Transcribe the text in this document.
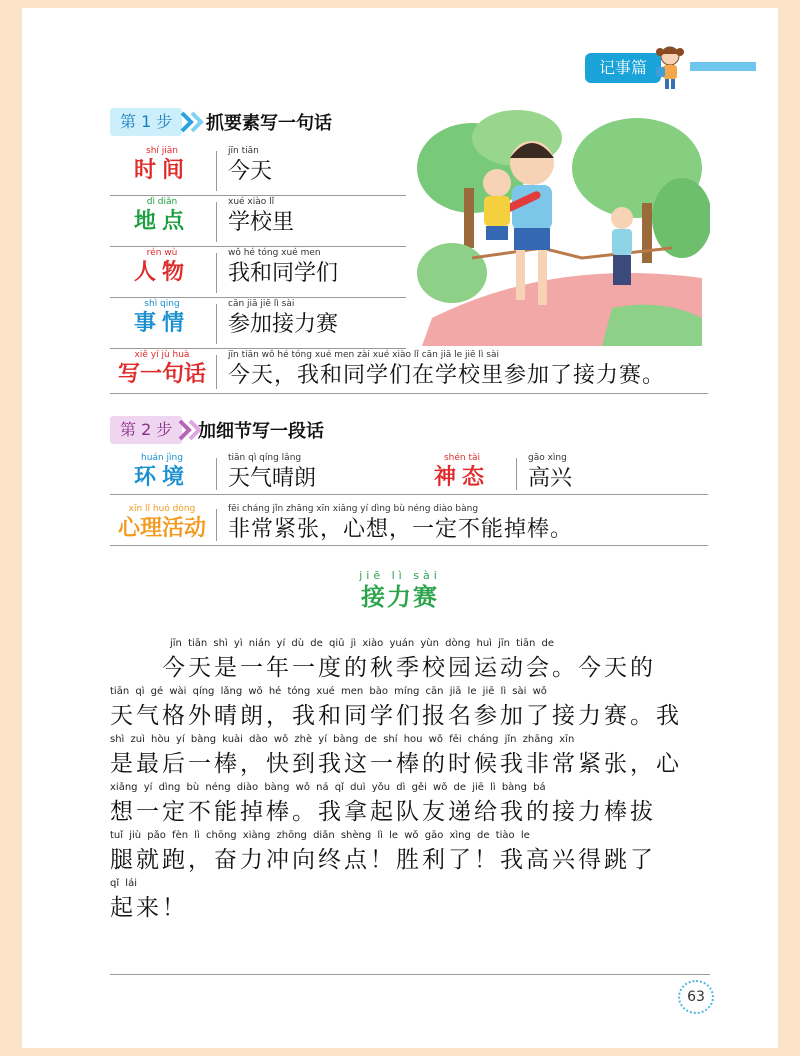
记事篇
第 1 步	抓要素写一句话
shí jiān
时间
jīn tiān
今天
dì diǎn
地点
xué xiào lǐ
学校里
rén wù
人物
wǒ hé tóng xué men
我和同学们
shì qing
事情
cān jiā jiē lì sài
参加接力赛
xiě yí jù huà
写一句话
jīn tiān wǒ hé tóng xué men zài xué xiào lǐ cān jiā le jiē lì sài
今天，我和同学们在学校里参加了接力赛。
第 2 步	加细节写一段话
huán jìng
环境
tiān qì qíng lǎng
天气晴朗
shén tài
神态
gāo xìng
高兴
xīn lǐ huó dòng
心理活动
fēi cháng jǐn zhāng xīn xiǎng yí dìng bù néng diào bàng
非常紧张，心想，一定不能掉棒。
jiē lì sài
接力赛
jīn tiān shì yì nián yí dù de qiū jì xiào yuán yùn dòng huì jīn tiān de
　　今天是一年一度的秋季校园运动会。今天的
tiān qì gé wài qíng lǎng wǒ hé tóng xué men bào míng cān jiā le jiē lì sài wǒ
天气格外晴朗，我和同学们报名参加了接力赛。我
shì zuì hòu yí bàng kuài dào wǒ zhè yí bàng de shí hou wǒ fēi cháng jǐn zhāng xīn
是最后一棒，快到我这一棒的时候我非常紧张，心
xiǎng yí dìng bù néng diào bàng wǒ ná qǐ duì yǒu dì gěi wǒ de jiē lì bàng bá
想一定不能掉棒。我拿起队友递给我的接力棒拔
tuǐ jiù pǎo fèn lì chōng xiàng zhōng diǎn shèng lì le wǒ gāo xìng de tiào le
腿就跑，奋力冲向终点！胜利了！我高兴得跳了
qǐ lái
起来！
63
